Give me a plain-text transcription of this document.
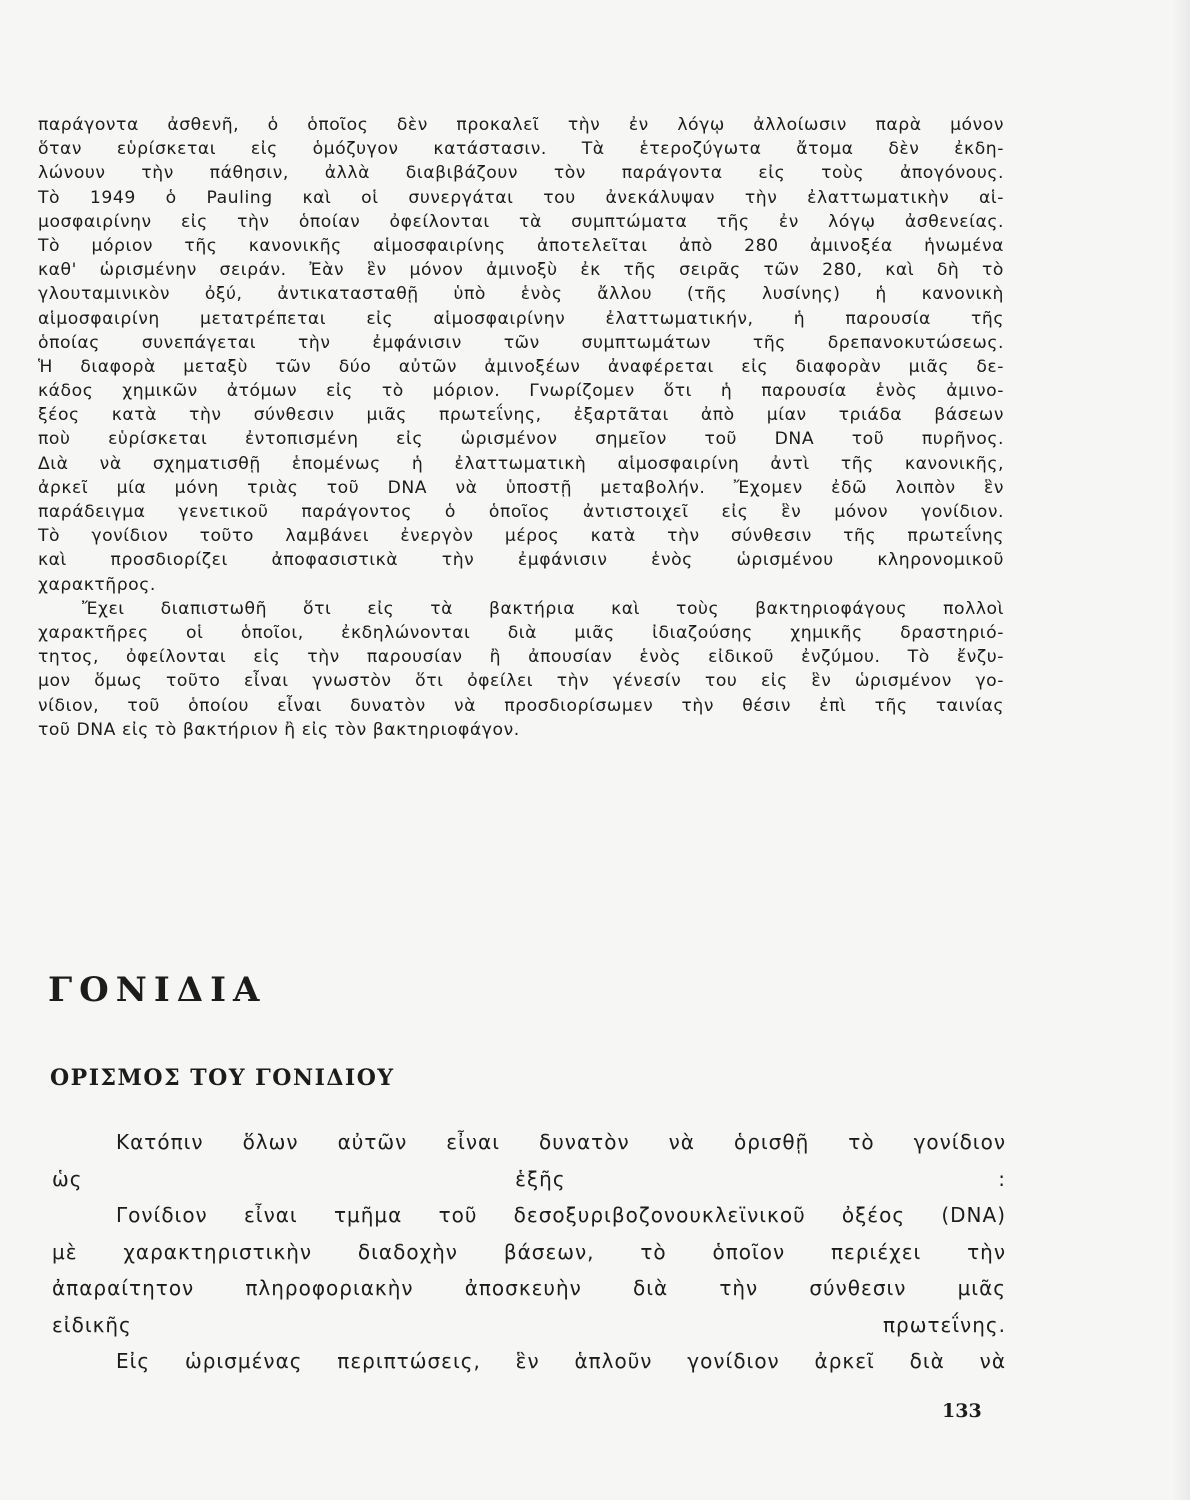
παράγοντα ἀσθενῆ, ὁ ὁποῖος δὲν προκαλεῖ τὴν ἐν λόγῳ ἀλλοίωσιν παρὰ μόνον
ὅταν εὑρίσκεται εἰς ὁμόζυγον κατάστασιν. Τὰ ἑτεροζύγωτα ἄτομα δὲν ἐκδη-
λώνουν τὴν πάθησιν, ἀλλὰ διαβιβάζουν τὸν παράγοντα εἰς τοὺς ἀπογόνους.
Τὸ 1949 ὁ Pauling καὶ οἱ συνεργάται του ἀνεκάλυψαν τὴν ἐλαττωματικὴν αἱ-
μοσφαιρίνην εἰς τὴν ὁποίαν ὀφείλονται τὰ συμπτώματα τῆς ἐν λόγῳ ἀσθενείας.
Τὸ μόριον τῆς κανονικῆς αἱμοσφαιρίνης ἀποτελεῖται ἀπὸ 280 ἀμινοξέα ἡνωμένα
καθ' ὡρισμένην σειράν. Ἐὰν ἓν μόνον ἀμινοξὺ ἐκ τῆς σειρᾶς τῶν 280, καὶ δὴ τὸ
γλουταμινικὸν ὀξύ, ἀντικατασταθῇ ὑπὸ ἑνὸς ἄλλου (τῆς λυσίνης) ἡ κανονικὴ
αἱμοσφαιρίνη μετατρέπεται εἰς αἱμοσφαιρίνην ἐλαττωματικήν, ἡ παρουσία τῆς
ὁποίας συνεπάγεται τὴν ἐμφάνισιν τῶν συμπτωμάτων τῆς δρεπανοκυτώσεως.
Ἡ διαφορὰ μεταξὺ τῶν δύο αὐτῶν ἀμινοξέων ἀναφέρεται εἰς διαφορὰν μιᾶς δε-
κάδος χημικῶν ἀτόμων εἰς τὸ μόριον. Γνωρίζομεν ὅτι ἡ παρουσία ἑνὸς ἀμινο-
ξέος κατὰ τὴν σύνθεσιν μιᾶς πρωτεΐνης, ἐξαρτᾶται ἀπὸ μίαν τριάδα βάσεων
ποὺ εὑρίσκεται ἐντοπισμένη εἰς ὡρισμένον σημεῖον τοῦ DNA τοῦ πυρῆνος.
Διὰ νὰ σχηματισθῇ ἑπομένως ἡ ἐλαττωματικὴ αἱμοσφαιρίνη ἀντὶ τῆς κανονικῆς,
ἀρκεῖ μία μόνη τριὰς τοῦ DNA νὰ ὑποστῇ μεταβολήν. Ἔχομεν ἐδῶ λοιπὸν ἓν
παράδειγμα γενετικοῦ παράγοντος ὁ ὁποῖος ἀντιστοιχεῖ εἰς ἓν μόνον γονίδιον.
Τὸ γονίδιον τοῦτο λαμβάνει ἐνεργὸν μέρος κατὰ τὴν σύνθεσιν τῆς πρωτεΐνης
καὶ προσδιορίζει ἀποφασιστικὰ τὴν ἐμφάνισιν ἑνὸς ὡρισμένου κληρονομικοῦ
χαρακτῆρος.
Ἔχει διαπιστωθῆ ὅτι εἰς τὰ βακτήρια καὶ τοὺς βακτηριοφάγους πολλοὶ
χαρακτῆρες οἱ ὁποῖοι, ἐκδηλώνονται διὰ μιᾶς ἰδιαζούσης χημικῆς δραστηριό-
τητος, ὀφείλονται εἰς τὴν παρουσίαν ἢ ἀπουσίαν ἑνὸς εἰδικοῦ ἐνζύμου. Τὸ ἔνζυ-
μον ὅμως τοῦτο εἶναι γνωστὸν ὅτι ὀφείλει τὴν γένεσίν του εἰς ἓν ὡρισμένον γο-
νίδιον, τοῦ ὁποίου εἶναι δυνατὸν νὰ προσδιορίσωμεν τὴν θέσιν ἐπὶ τῆς ταινίας
τοῦ DNA εἰς τὸ βακτήριον ἢ εἰς τὸν βακτηριοφάγον.
ΓΟΝΙΔΙΑ
ΟΡΙΣΜΟΣ ΤΟΥ ΓΟΝΙΔΙΟΥ
Κατόπιν ὅλων αὐτῶν εἶναι δυνατὸν νὰ ὁρισθῇ τὸ γονίδιον
ὡς ἑξῆς :
Γονίδιον εἶναι τμῆμα τοῦ δεσοξυριβοζονουκλεϊνικοῦ ὀξέος (DNA)
μὲ χαρακτηριστικὴν διαδοχὴν βάσεων, τὸ ὁποῖον περιέχει τὴν
ἀπαραίτητον πληροφοριακὴν ἀποσκευὴν διὰ τὴν σύνθεσιν μιᾶς
εἰδικῆς πρωτεΐνης.
Εἰς ὡρισμένας περιπτώσεις, ἓν ἁπλοῦν γονίδιον ἀρκεῖ διὰ νὰ
133
